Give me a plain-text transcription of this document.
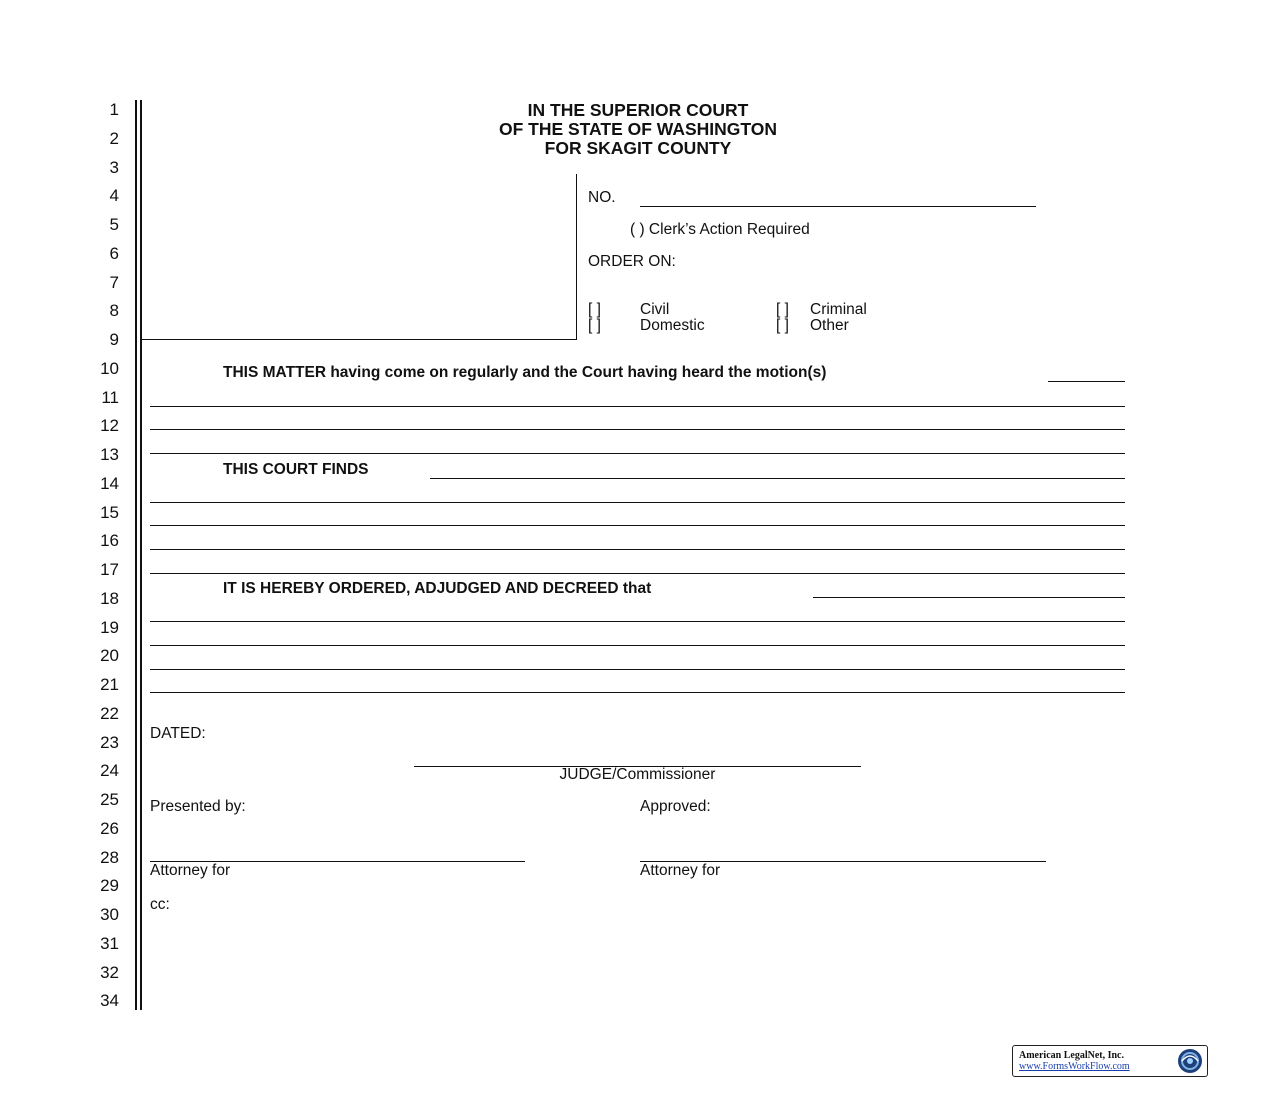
1
2
3
4
5
6
7
8
9
10
11
12
13
14
15
16
17
18
19
20
21
22
23
24
25
26
28
29
30
31
32
34
IN THE SUPERIOR COURT
OF THE STATE OF WASHINGTON
FOR SKAGIT COUNTY
NO.
( ) Clerk’s Action Required
ORDER ON:
[ ]	Civil	[ ] Criminal
[ ]	Domestic	[ ] Other
THIS MATTER having come on regularly and the Court having heard the motion(s)
THIS COURT FINDS
IT IS HEREBY ORDERED, ADJUDGED AND DECREED that
DATED:
JUDGE/Commissioner
Presented by:	Approved:
Attorney for	Attorney for
cc:
American LegalNet, Inc.
www.FormsWorkFlow.com
